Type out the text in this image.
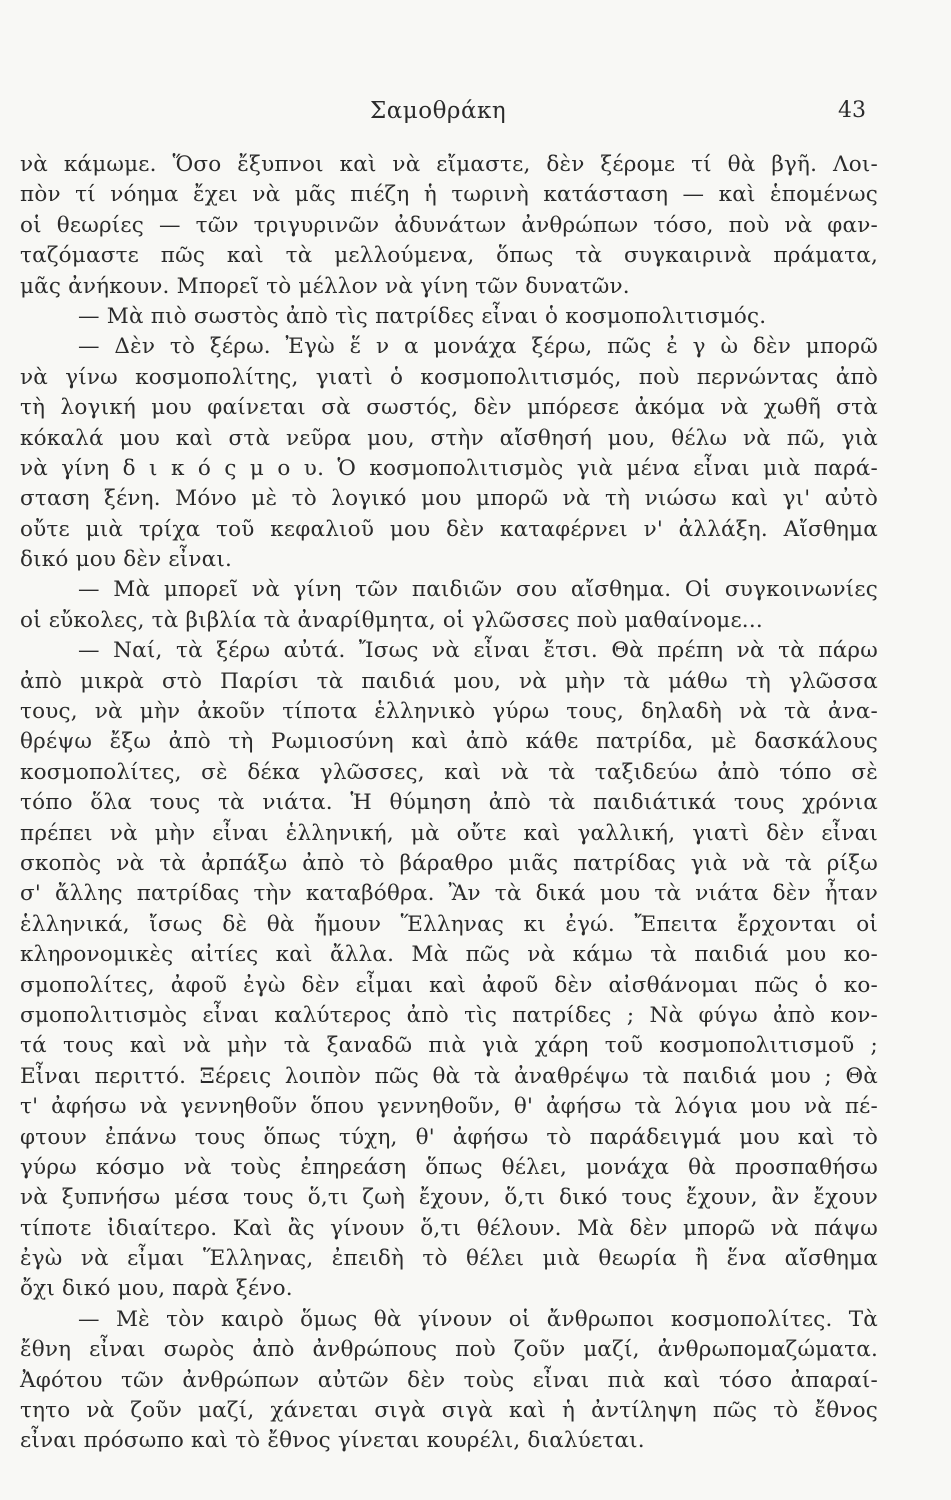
Σαμοθράκη	43
νὰ κάμωμε. Ὅσο ἔξυπνοι καὶ νὰ εἴμαστε, δὲν ξέρομε τί θὰ βγῆ. Λοι-
πὸν τί νόημα ἔχει νὰ μᾶς πιέζη ἡ τωρινὴ κατάσταση — καὶ ἑπομένως
οἱ θεωρίες — τῶν τριγυρινῶν ἀδυνάτων ἀνθρώπων τόσο, ποὺ νὰ φαν-
ταζόμαστε πῶς καὶ τὰ μελλούμενα, ὅπως τὰ συγκαιρινὰ πράματα,
μᾶς ἀνήκουν. Μπορεῖ τὸ μέλλον νὰ γίνη τῶν δυνατῶν.
— Μὰ πιὸ σωστὸς ἀπὸ τὶς πατρίδες εἶναι ὁ κοσμοπολιτισμός.
— Δὲν τὸ ξέρω. Ἐγὼ ἕ ν α μονάχα ξέρω, πῶς ἐ γ ὼ δὲν μπορῶ
νὰ γίνω κοσμοπολίτης, γιατὶ ὁ κοσμοπολιτισμός, ποὺ περνώντας ἀπὸ
τὴ λογική μου φαίνεται σὰ σωστός, δὲν μπόρεσε ἀκόμα νὰ χωθῆ στὰ
κόκαλά μου καὶ στὰ νεῦρα μου, στὴν αἴσθησή μου, θέλω νὰ πῶ, γιὰ
νὰ γίνη δ ι κ ό ς μ ο υ. Ὁ κοσμοπολιτισμὸς γιὰ μένα εἶναι μιὰ παρά-
σταση ξένη. Μόνο μὲ τὸ λογικό μου μπορῶ νὰ τὴ νιώσω καὶ γι' αὐτὸ
οὔτε μιὰ τρίχα τοῦ κεφαλιοῦ μου δὲν καταφέρνει ν' ἀλλάξη. Αἴσθημα
δικό μου δὲν εἶναι.
— Μὰ μπορεῖ νὰ γίνη τῶν παιδιῶν σου αἴσθημα. Οἱ συγκοινωνίες
οἱ εὔκολες, τὰ βιβλία τὰ ἀναρίθμητα, οἱ γλῶσσες ποὺ μαθαίνομε...
— Ναί, τὰ ξέρω αὐτά. Ἴσως νὰ εἶναι ἔτσι. Θὰ πρέπη νὰ τὰ πάρω
ἀπὸ μικρὰ στὸ Παρίσι τὰ παιδιά μου, νὰ μὴν τὰ μάθω τὴ γλῶσσα
τους, νὰ μὴν ἀκοῦν τίποτα ἑλληνικὸ γύρω τους, δηλαδὴ νὰ τὰ ἀνα-
θρέψω ἔξω ἀπὸ τὴ Ρωμιοσύνη καὶ ἀπὸ κάθε πατρίδα, μὲ δασκάλους
κοσμοπολίτες, σὲ δέκα γλῶσσες, καὶ νὰ τὰ ταξιδεύω ἀπὸ τόπο σὲ
τόπο ὅλα τους τὰ νιάτα. Ἡ θύμηση ἀπὸ τὰ παιδιάτικά τους χρόνια
πρέπει νὰ μὴν εἶναι ἑλληνική, μὰ οὔτε καὶ γαλλική, γιατὶ δὲν εἶναι
σκοπὸς νὰ τὰ ἀρπάξω ἀπὸ τὸ βάραθρο μιᾶς πατρίδας γιὰ νὰ τὰ ρίξω
σ' ἄλλης πατρίδας τὴν καταβόθρα. Ἂν τὰ δικά μου τὰ νιάτα δὲν ἦταν
ἑλληνικά, ἴσως δὲ θὰ ἤμουν Ἕλληνας κι ἐγώ. Ἔπειτα ἔρχονται οἱ
κληρονομικὲς αἰτίες καὶ ἄλλα. Μὰ πῶς νὰ κάμω τὰ παιδιά μου κο-
σμοπολίτες, ἀφοῦ ἐγὼ δὲν εἶμαι καὶ ἀφοῦ δὲν αἰσθάνομαι πῶς ὁ κο-
σμοπολιτισμὸς εἶναι καλύτερος ἀπὸ τὶς πατρίδες ; Νὰ φύγω ἀπὸ κον-
τά τους καὶ νὰ μὴν τὰ ξαναδῶ πιὰ γιὰ χάρη τοῦ κοσμοπολιτισμοῦ ;
Εἶναι περιττό. Ξέρεις λοιπὸν πῶς θὰ τὰ ἀναθρέψω τὰ παιδιά μου ; Θὰ
τ' ἀφήσω νὰ γεννηθοῦν ὅπου γεννηθοῦν, θ' ἀφήσω τὰ λόγια μου νὰ πέ-
φτουν ἐπάνω τους ὅπως τύχη, θ' ἀφήσω τὸ παράδειγμά μου καὶ τὸ
γύρω κόσμο νὰ τοὺς ἐπηρεάση ὅπως θέλει, μονάχα θὰ προσπαθήσω
νὰ ξυπνήσω μέσα τους ὅ,τι ζωὴ ἔχουν, ὅ,τι δικό τους ἔχουν, ἂν ἔχουν
τίποτε ἰδιαίτερο. Καὶ ἂς γίνουν ὅ,τι θέλουν. Μὰ δὲν μπορῶ νὰ πάψω
ἐγὼ νὰ εἶμαι Ἕλληνας, ἐπειδὴ τὸ θέλει μιὰ θεωρία ἢ ἕνα αἴσθημα
ὄχι δικό μου, παρὰ ξένο.
— Μὲ τὸν καιρὸ ὅμως θὰ γίνουν οἱ ἄνθρωποι κοσμοπολίτες. Τὰ
ἔθνη εἶναι σωρὸς ἀπὸ ἀνθρώπους ποὺ ζοῦν μαζί, ἀνθρωπομαζώματα.
Ἀφότου τῶν ἀνθρώπων αὐτῶν δὲν τοὺς εἶναι πιὰ καὶ τόσο ἀπαραί-
τητο νὰ ζοῦν μαζί, χάνεται σιγὰ σιγὰ καὶ ἡ ἀντίληψη πῶς τὸ ἔθνος
εἶναι πρόσωπο καὶ τὸ ἔθνος γίνεται κουρέλι, διαλύεται.
